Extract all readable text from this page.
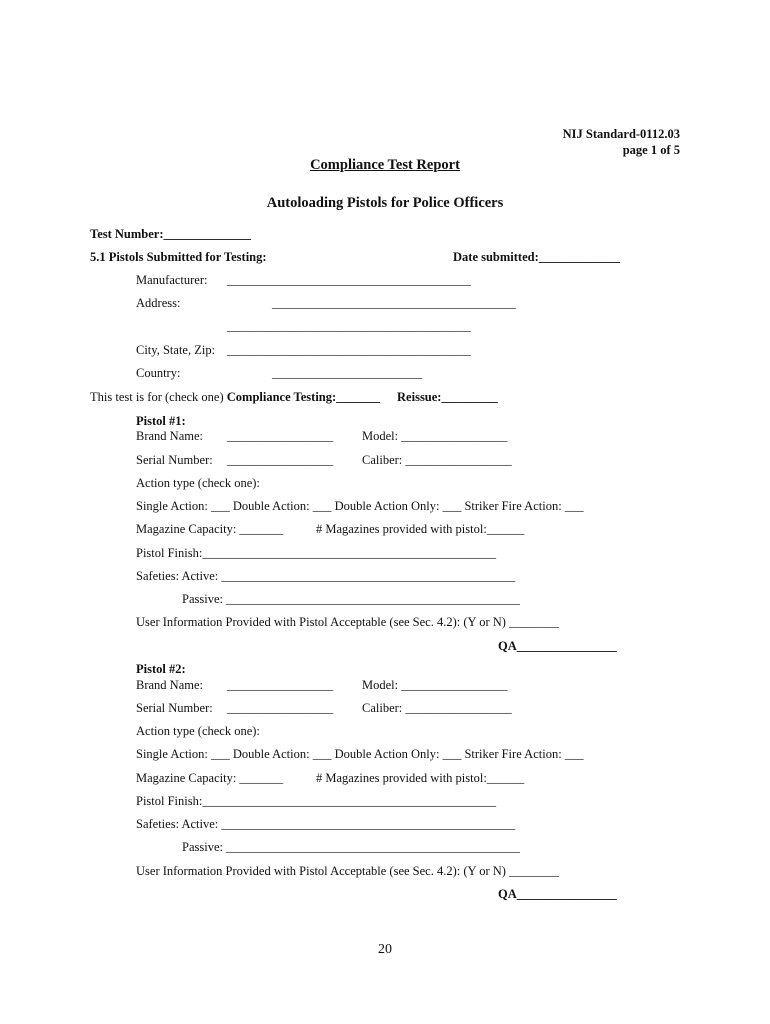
NIJ Standard-0112.03
page 1 of 5
Compliance Test Report
Autoloading Pistols for Police Officers
Test Number:______________
5.1 Pistols Submitted for Testing:	Date submitted:_____________
Manufacturer: _______________________________________
Address:	_______________________________________
_______________________________________
City, State, Zip: _______________________________________
Country:	________________________
This test is for (check one) Compliance Testing:_______ Reissue:_________
Pistol #1:
Brand Name: _________________ Model: _________________
Serial Number: _________________ Caliber: _________________
Action type (check one):
Single Action: ___ Double Action: ___ Double Action Only: ___ Striker Fire Action: ___
Magazine Capacity: _______	# Magazines provided with pistol:______
Pistol Finish:_______________________________________________
Safeties: Active: _______________________________________________
Passive: _______________________________________________
User Information Provided with Pistol Acceptable (see Sec. 4.2): (Y or N) ________
QA________________
Pistol #2:
Brand Name: _________________ Model: _________________
Serial Number: _________________ Caliber: _________________
Action type (check one):
Single Action: ___ Double Action: ___ Double Action Only: ___ Striker Fire Action: ___
Magazine Capacity: _______	# Magazines provided with pistol:______
Pistol Finish:_______________________________________________
Safeties: Active: _______________________________________________
Passive: _______________________________________________
User Information Provided with Pistol Acceptable (see Sec. 4.2): (Y or N) ________
QA________________
20
